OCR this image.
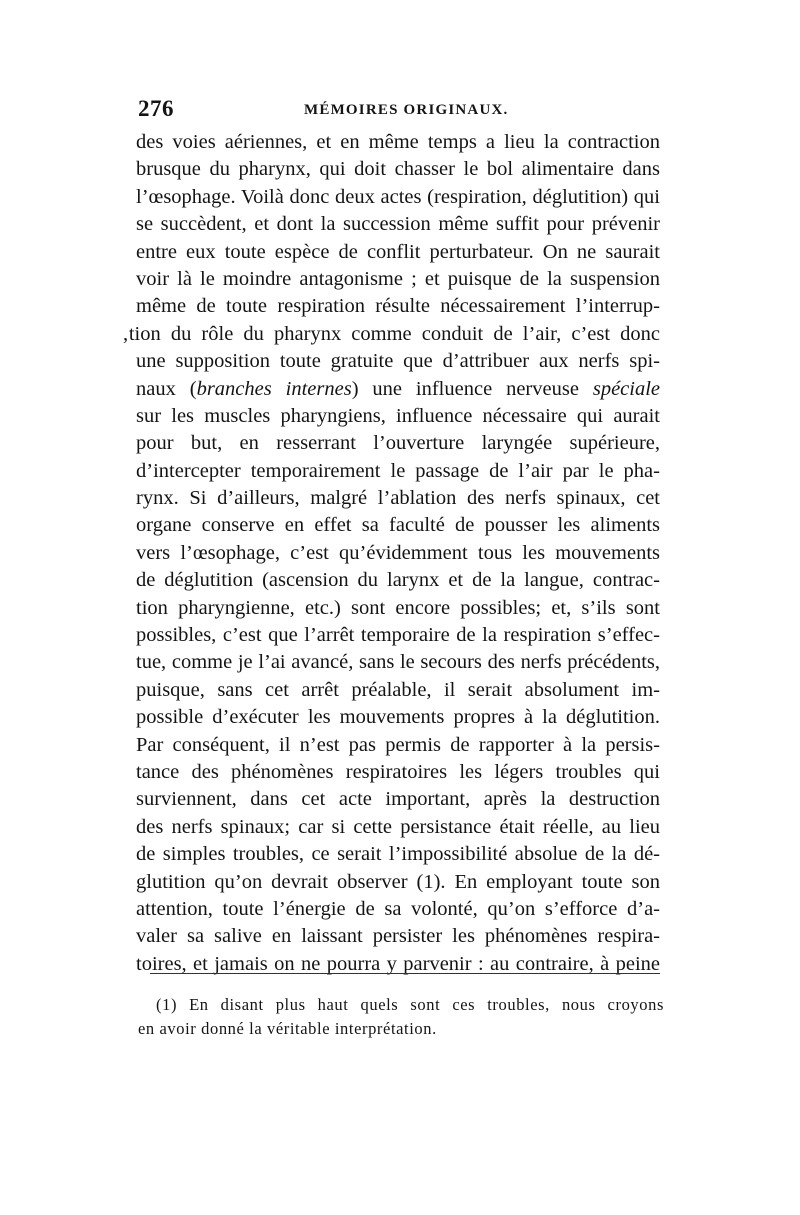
276	MÉMOIRES ORIGINAUX.
des voies aériennes, et en même temps a lieu la contraction
brusque du pharynx, qui doit chasser le bol alimentaire dans
l’œsophage. Voilà donc deux actes (respiration, déglutition) qui
se succèdent, et dont la succession même suffit pour prévenir
entre eux toute espèce de conflit perturbateur. On ne saurait
voir là le moindre antagonisme ; et puisque de la suspension
même de toute respiration résulte nécessairement l’interrup-
‚tion du rôle du pharynx comme conduit de l’air, c’est donc
une supposition toute gratuite que d’attribuer aux nerfs spi-
naux (branches internes) une influence nerveuse spéciale
sur les muscles pharyngiens, influence nécessaire qui aurait
pour but, en resserrant l’ouverture laryngée supérieure,
d’intercepter temporairement le passage de l’air par le pha-
rynx. Si d’ailleurs, malgré l’ablation des nerfs spinaux, cet
organe conserve en effet sa faculté de pousser les aliments
vers l’œsophage, c’est qu’évidemment tous les mouvements
de déglutition (ascension du larynx et de la langue, contrac-
tion pharyngienne, etc.) sont encore possibles; et, s’ils sont
possibles, c’est que l’arrêt temporaire de la respiration s’effec-
tue, comme je l’ai avancé, sans le secours des nerfs précédents,
puisque, sans cet arrêt préalable, il serait absolument im-
possible d’exécuter les mouvements propres à la déglutition.
Par conséquent, il n’est pas permis de rapporter à la persis-
tance des phénomènes respiratoires les légers troubles qui
surviennent, dans cet acte important, après la destruction
des nerfs spinaux; car si cette persistance était réelle, au lieu
de simples troubles, ce serait l’impossibilité absolue de la dé-
glutition qu’on devrait observer (1). En employant toute son
attention, toute l’énergie de sa volonté, qu’on s’efforce d’a-
valer sa salive en laissant persister les phénomènes respira-
toires, et jamais on ne pourra y parvenir : au contraire, à peine
(1) En disant plus haut quels sont ces troubles, nous croyons
en avoir donné la véritable interprétation.
